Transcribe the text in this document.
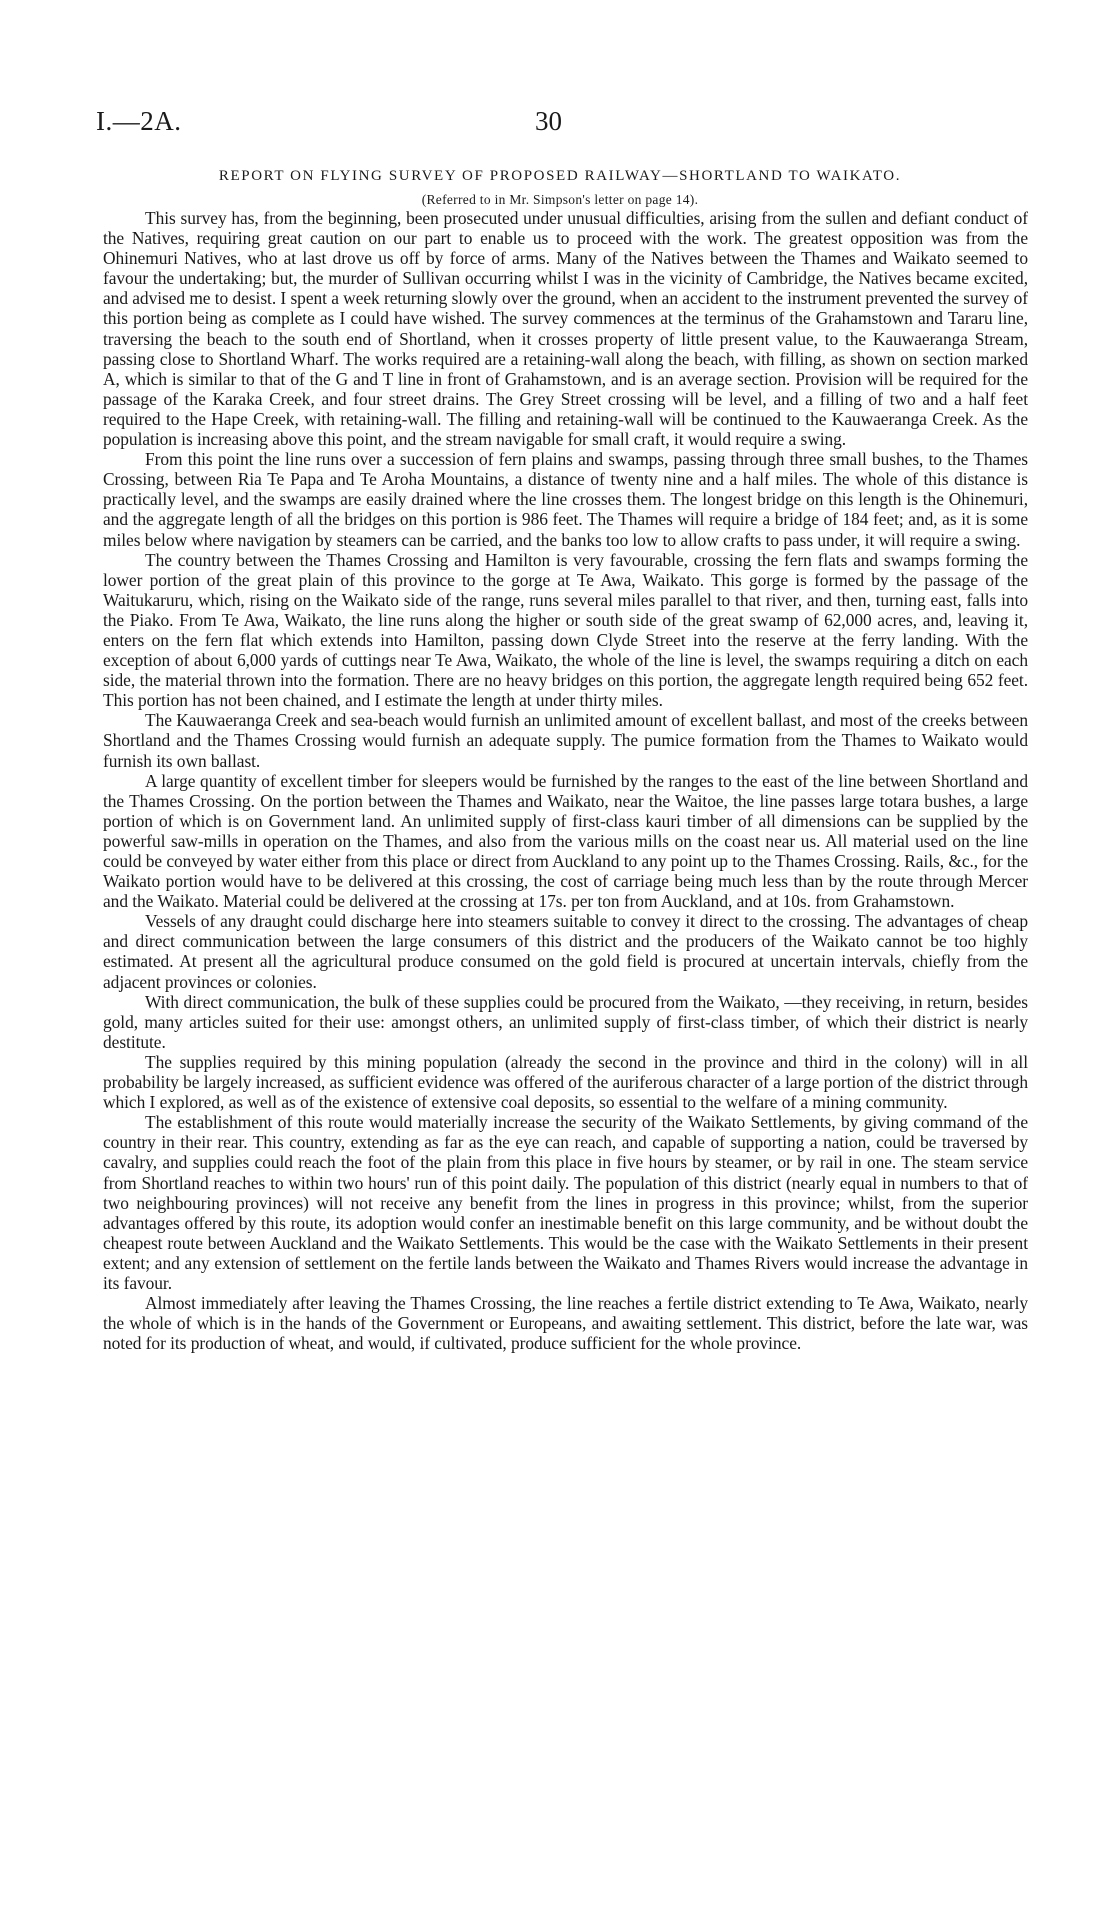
I.—2A.	30
REPORT ON FLYING SURVEY OF PROPOSED RAILWAY—SHORTLAND TO WAIKATO.
(Referred to in Mr. Simpson's letter on page 14).

This survey has, from the beginning, been prosecuted under unusual difficulties, arising from the sullen and defiant conduct of the Natives, requiring great caution on our part to enable us to proceed with the work. The greatest opposition was from the Ohinemuri Natives, who at last drove us off by force of arms. Many of the Natives between the Thames and Waikato seemed to favour the undertaking; but, the murder of Sullivan occurring whilst I was in the vicinity of Cambridge, the Natives became excited, and advised me to desist. I spent a week returning slowly over the ground, when an accident to the instrument prevented the survey of this portion being as complete as I could have wished. The survey commences at the terminus of the Grahamstown and Tararu line, traversing the beach to the south end of Shortland, when it crosses property of little present value, to the Kauwaeranga Stream, passing close to Shortland Wharf. The works required are a retaining-wall along the beach, with filling, as shown on section marked A, which is similar to that of the G and T line in front of Grahamstown, and is an average section. Provision will be required for the passage of the Karaka Creek, and four street drains. The Grey Street crossing will be level, and a filling of two and a half feet required to the Hape Creek, with retaining-wall. The filling and retaining-wall will be continued to the Kauwaeranga Creek. As the population is increasing above this point, and the stream navigable for small craft, it would require a swing.

From this point the line runs over a succession of fern plains and swamps, passing through three small bushes, to the Thames Crossing, between Ria Te Papa and Te Aroha Mountains, a distance of twenty nine and a half miles. The whole of this distance is practically level, and the swamps are easily drained where the line crosses them. The longest bridge on this length is the Ohinemuri, and the aggregate length of all the bridges on this portion is 986 feet. The Thames will require a bridge of 184 feet; and, as it is some miles below where navigation by steamers can be carried, and the banks too low to allow crafts to pass under, it will require a swing.

The country between the Thames Crossing and Hamilton is very favourable, crossing the fern flats and swamps forming the lower portion of the great plain of this province to the gorge at Te Awa, Waikato. This gorge is formed by the passage of the Waitukaruru, which, rising on the Waikato side of the range, runs several miles parallel to that river, and then, turning east, falls into the Piako. From Te Awa, Waikato, the line runs along the higher or south side of the great swamp of 62,000 acres, and, leaving it, enters on the fern flat which extends into Hamilton, passing down Clyde Street into the reserve at the ferry landing. With the exception of about 6,000 yards of cuttings near Te Awa, Waikato, the whole of the line is level, the swamps requiring a ditch on each side, the material thrown into the formation. There are no heavy bridges on this portion, the aggregate length required being 652 feet. This portion has not been chained, and I estimate the length at under thirty miles.

The Kauwaeranga Creek and sea-beach would furnish an unlimited amount of excellent ballast, and most of the creeks between Shortland and the Thames Crossing would furnish an adequate supply. The pumice formation from the Thames to Waikato would furnish its own ballast.

A large quantity of excellent timber for sleepers would be furnished by the ranges to the east of the line between Shortland and the Thames Crossing. On the portion between the Thames and Waikato, near the Waitoe, the line passes large totara bushes, a large portion of which is on Government land. An unlimited supply of first-class kauri timber of all dimensions can be supplied by the powerful saw-mills in operation on the Thames, and also from the various mills on the coast near us. All material used on the line could be conveyed by water either from this place or direct from Auckland to any point up to the Thames Crossing. Rails, &c., for the Waikato portion would have to be delivered at this crossing, the cost of carriage being much less than by the route through Mercer and the Waikato. Material could be delivered at the crossing at 17s. per ton from Auckland, and at 10s. from Grahamstown.

Vessels of any draught could discharge here into steamers suitable to convey it direct to the crossing. The advantages of cheap and direct communication between the large consumers of this district and the producers of the Waikato cannot be too highly estimated. At present all the agricultural produce consumed on the gold field is procured at uncertain intervals, chiefly from the adjacent provinces or colonies.

With direct communication, the bulk of these supplies could be procured from the Waikato, —they receiving, in return, besides gold, many articles suited for their use: amongst others, an unlimited supply of first-class timber, of which their district is nearly destitute.

The supplies required by this mining population (already the second in the province and third in the colony) will in all probability be largely increased, as sufficient evidence was offered of the auriferous character of a large portion of the district through which I explored, as well as of the existence of extensive coal deposits, so essential to the welfare of a mining community.

The establishment of this route would materially increase the security of the Waikato Settlements, by giving command of the country in their rear. This country, extending as far as the eye can reach, and capable of supporting a nation, could be traversed by cavalry, and supplies could reach the foot of the plain from this place in five hours by steamer, or by rail in one. The steam service from Shortland reaches to within two hours' run of this point daily. The population of this district (nearly equal in numbers to that of two neighbouring provinces) will not receive any benefit from the lines in progress in this province; whilst, from the superior advantages offered by this route, its adoption would confer an inestimable benefit on this large community, and be without doubt the cheapest route between Auckland and the Waikato Settlements. This would be the case with the Waikato Settlements in their present extent; and any extension of settlement on the fertile lands between the Waikato and Thames Rivers would increase the advantage in its favour.

Almost immediately after leaving the Thames Crossing, the line reaches a fertile district extending to Te Awa, Waikato, nearly the whole of which is in the hands of the Government or Europeans, and awaiting settlement. This district, before the late war, was noted for its production of wheat, and would, if cultivated, produce sufficient for the whole province.
